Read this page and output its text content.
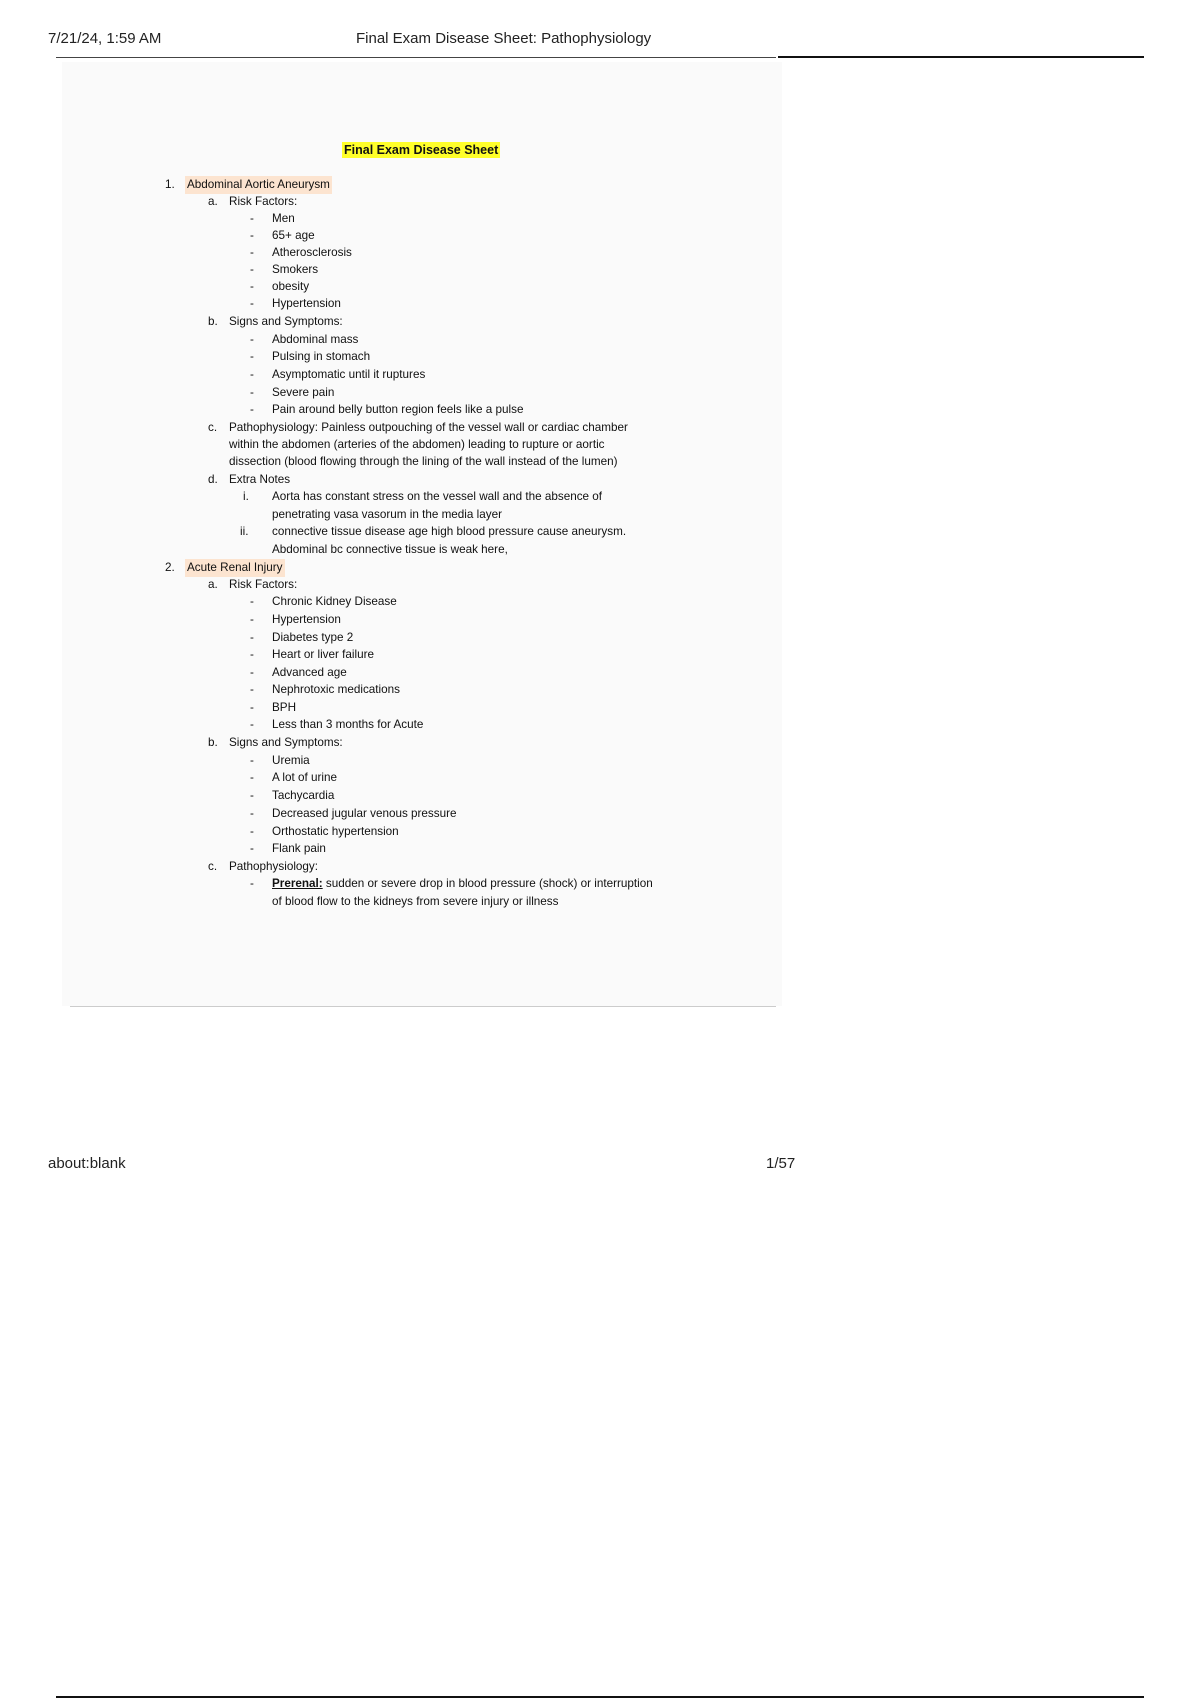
7/21/24, 1:59 AM	Final Exam Disease Sheet: Pathophysiology
Final Exam Disease Sheet
1. Abdominal Aortic Aneurysm
a. Risk Factors:
- Men
- 65+ age
- Atherosclerosis
- Smokers
- obesity
- Hypertension
b. Signs and Symptoms:
- Abdominal mass
- Pulsing in stomach
- Asymptomatic until it ruptures
- Severe pain
- Pain around belly button region feels like a pulse
c. Pathophysiology: Painless outpouching of the vessel wall or cardiac chamber
within the abdomen (arteries of the abdomen) leading to rupture or aortic
dissection (blood flowing through the lining of the wall instead of the lumen)
d. Extra Notes
i. Aorta has constant stress on the vessel wall and the absence of
penetrating vasa vasorum in the media layer
ii. connective tissue disease age high blood pressure cause aneurysm.
Abdominal bc connective tissue is weak here,
2. Acute Renal Injury
a. Risk Factors:
- Chronic Kidney Disease
- Hypertension
- Diabetes type 2
- Heart or liver failure
- Advanced age
- Nephrotoxic medications
- BPH
- Less than 3 months for Acute
b. Signs and Symptoms:
- Uremia
- A lot of urine
- Tachycardia
- Decreased jugular venous pressure
- Orthostatic hypertension
- Flank pain
c. Pathophysiology:
- Prerenal: sudden or severe drop in blood pressure (shock) or interruption
of blood flow to the kidneys from severe injury or illness
about:blank	1/57
